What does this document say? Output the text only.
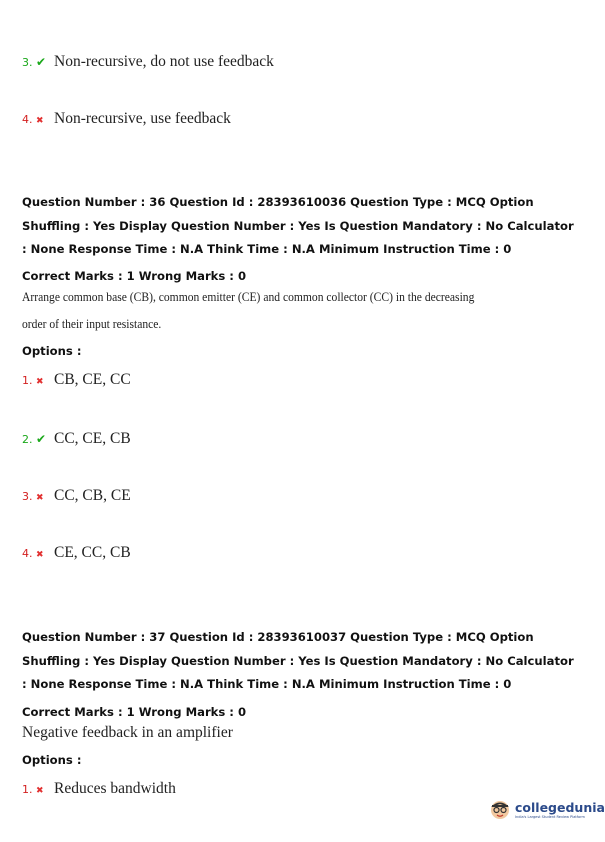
3. ✔ Non-recursive, do not use feedback
4. ✖ Non-recursive, use feedback
Question Number : 36 Question Id : 28393610036 Question Type : MCQ Option Shuffling : Yes Display Question Number : Yes Is Question Mandatory : No Calculator : None Response Time : N.A Think Time : N.A Minimum Instruction Time : 0
Correct Marks : 1 Wrong Marks : 0
Arrange common base (CB), common emitter (CE) and common collector (CC) in the decreasing
order of their input resistance.
Options :
1. ✖ CB, CE, CC
2. ✔ CC, CE, CB
3. ✖ CC, CB, CE
4. ✖ CE, CC, CB
Question Number : 37 Question Id : 28393610037 Question Type : MCQ Option Shuffling : Yes Display Question Number : Yes Is Question Mandatory : No Calculator : None Response Time : N.A Think Time : N.A Minimum Instruction Time : 0
Correct Marks : 1 Wrong Marks : 0
Negative feedback in an amplifier
Options :
1. ✖ Reduces bandwidth
collegedunia
India's Largest Student Review Platform
